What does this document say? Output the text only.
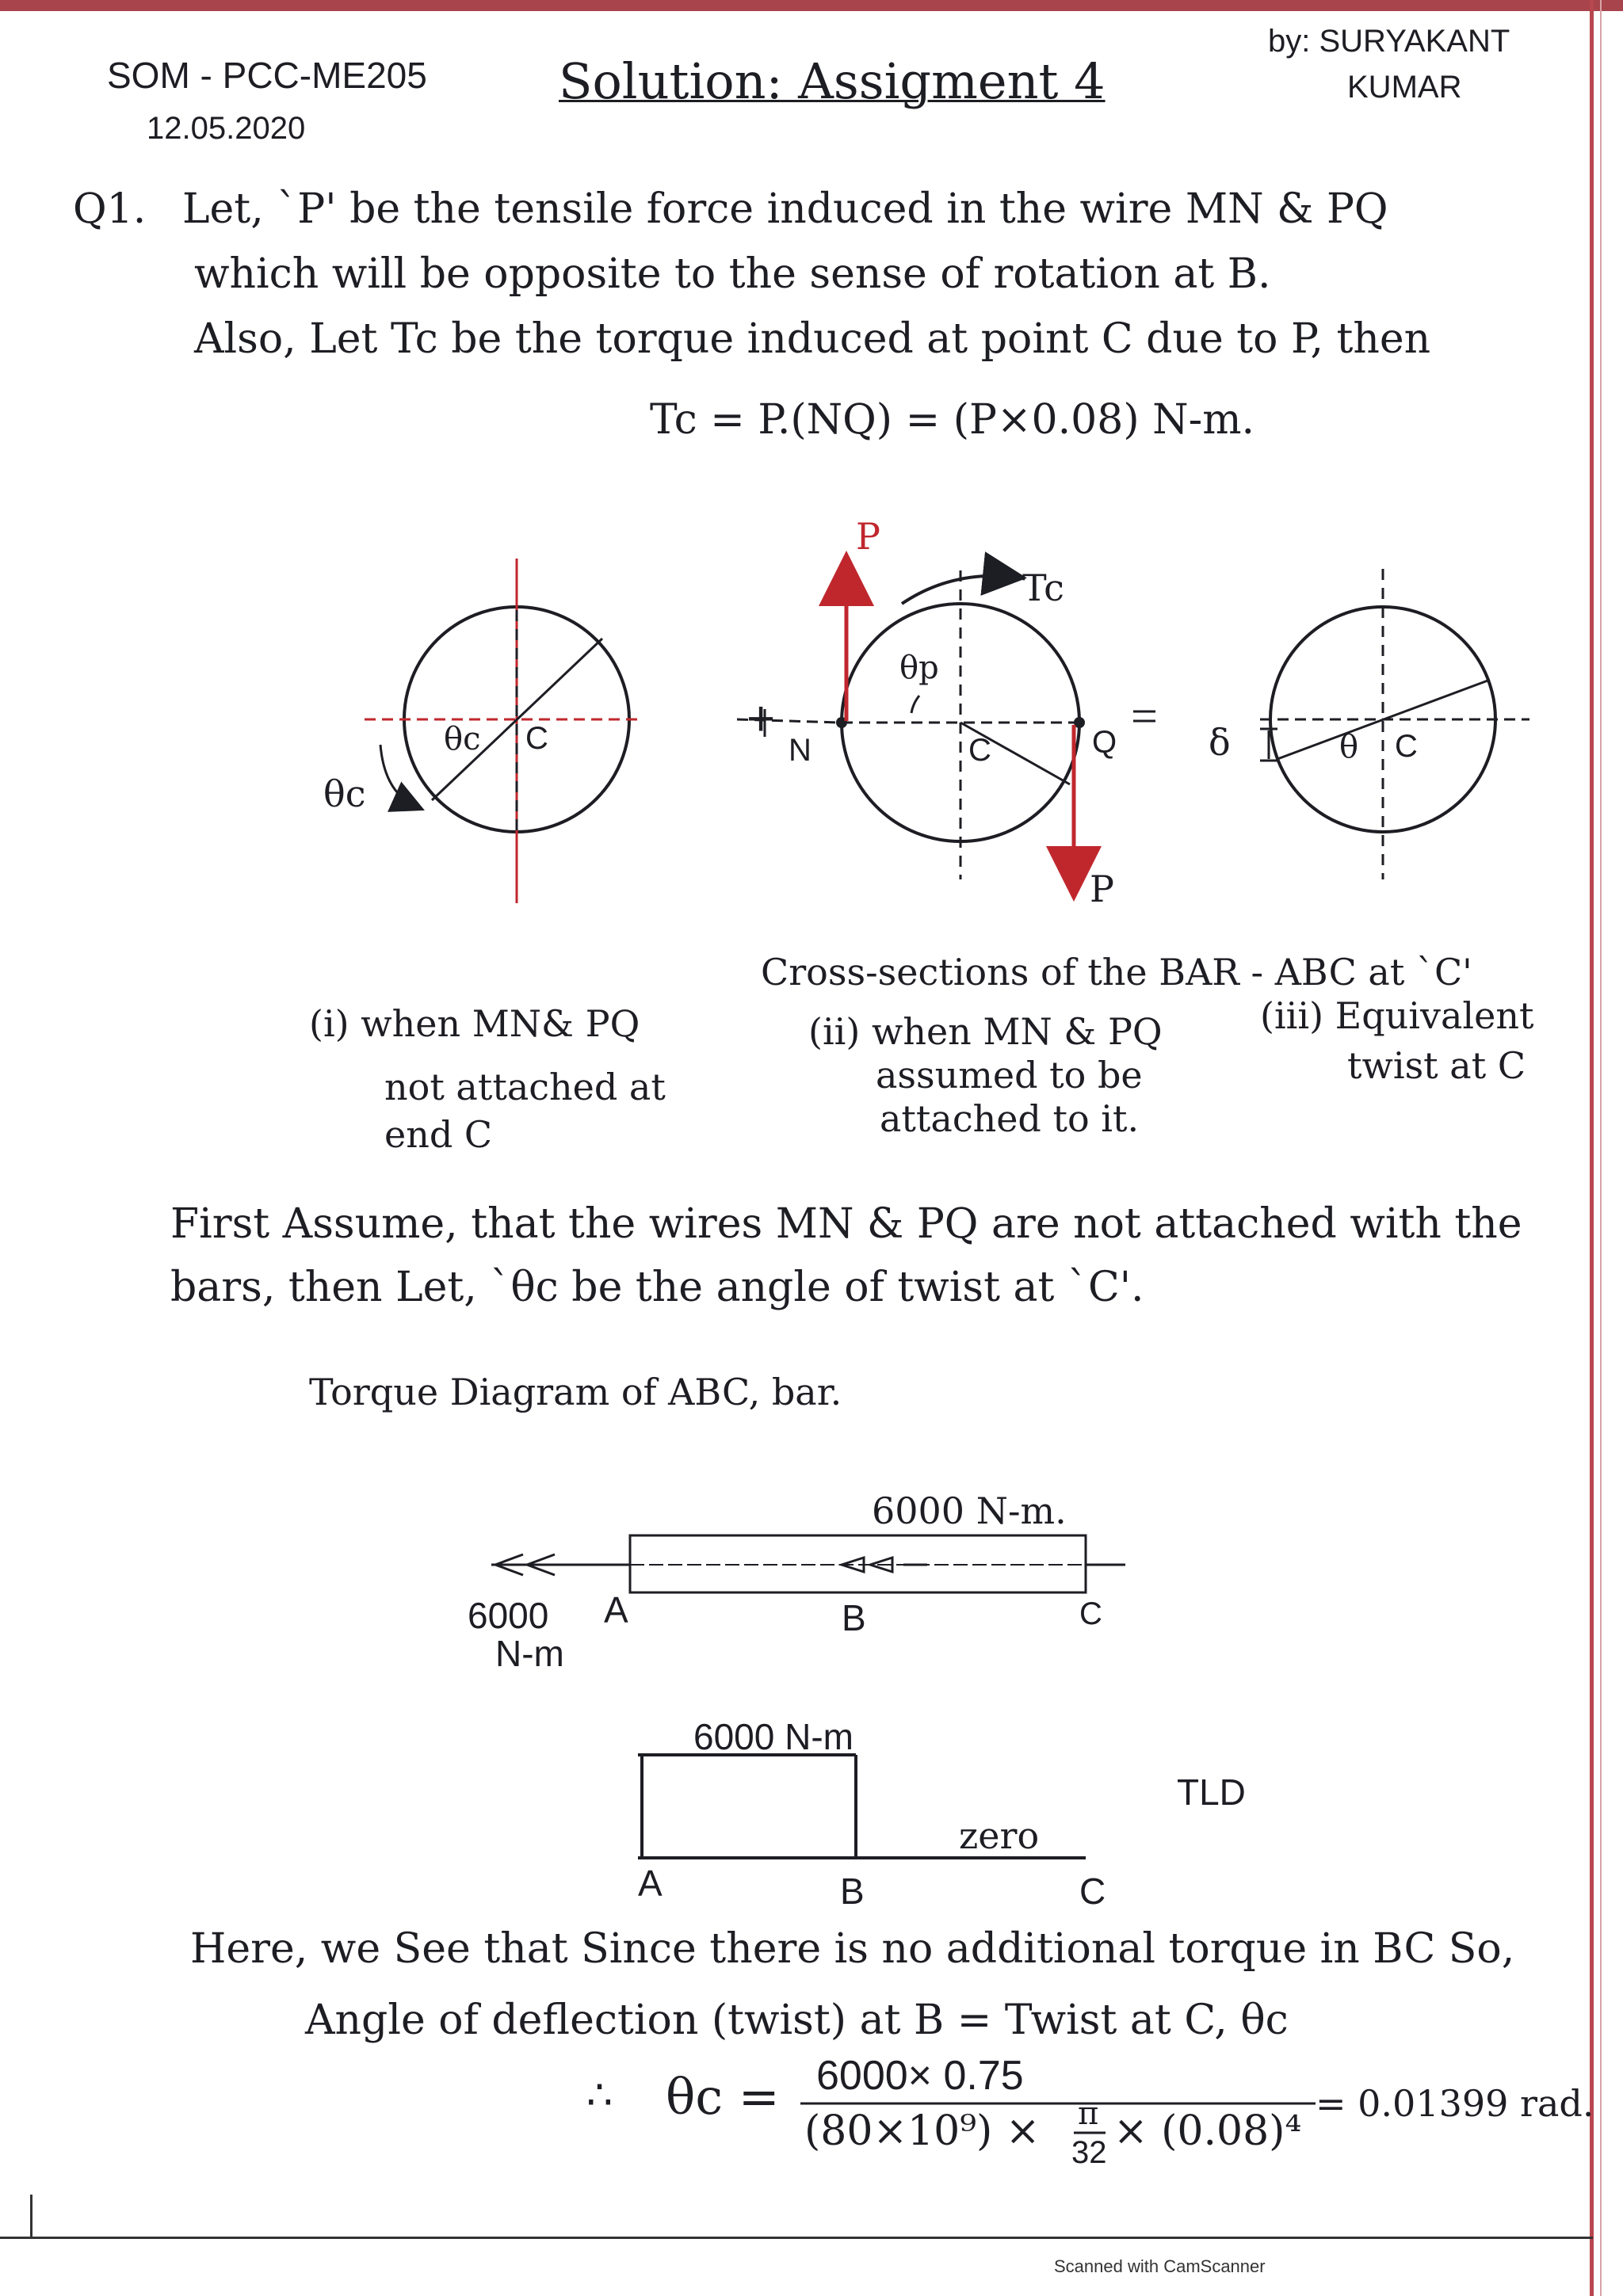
SOM - PCC-ME205
12.05.2020
Solution: Assigment 4
by: SURYAKANT
KUMAR
Q1. Let, `P' be the tensile force induced in the wire MN & PQ
which will be opposite to the sense of rotation at B.
Also, Let Tc be the torque induced at point C due to P, then
Tc = P.(NQ) = (P×0.08) N-m.
θc
θc C	+
P
Tc
θp
N	C	Q
P
δ	θ C
Cross-sections of the BAR - ABC at `C'
(i) when MN& PQ
not attached at
end C
(ii) when MN & PQ
assumed to be
attached to it.
(iii) Equivalent
twist at C
First Assume, that the wires MN & PQ are not attached with the
bars, then Let, `θc be the angle of twist at `C'.
Torque Diagram of ABC, bar.
6000 N-m.
6000
N-m
A	B	C
6000 N-m
zero
TLD
A	B	C
Here, we See that Since there is no additional torque in BC So,
Angle of deflection (twist) at B = Twist at C, θc
∴ θc = 6000× 0.75
(80×10⁹) × π
32 × (0.08)⁴
= 0.01399 rad.
Scanned with CamScanner
